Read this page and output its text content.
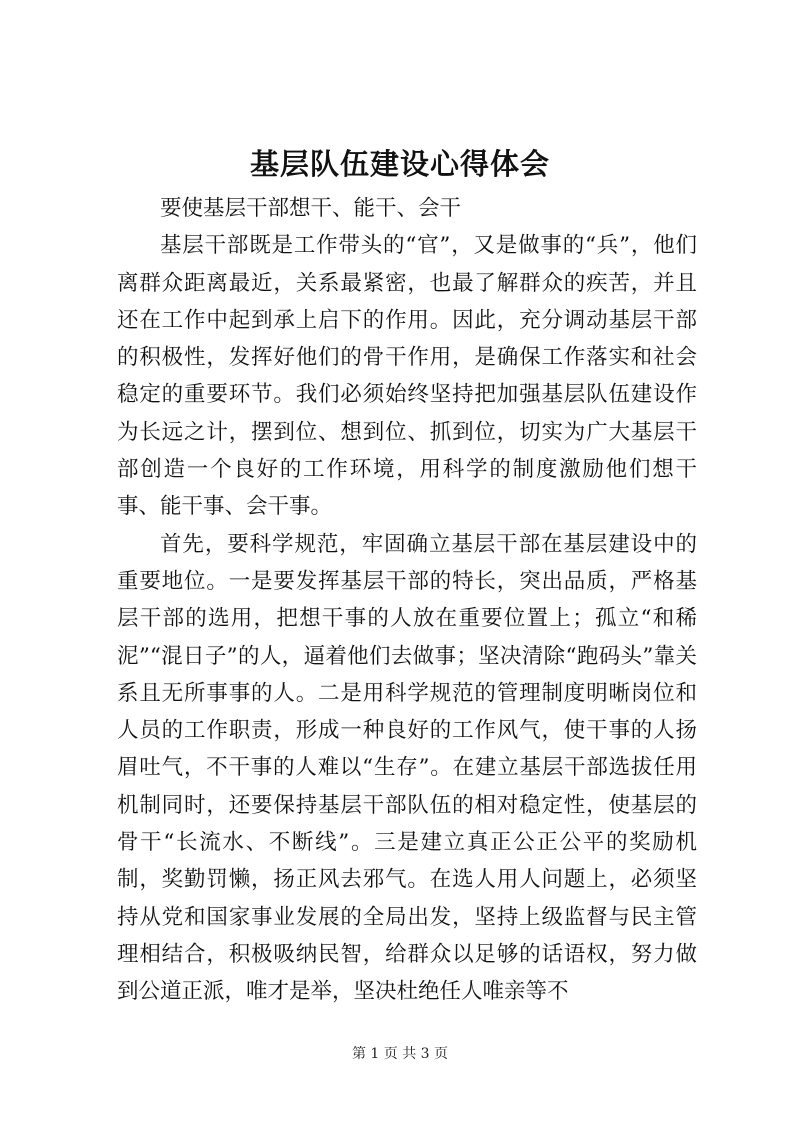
基层队伍建设心得体会

要使基层干部想干、能干、会干

基层干部既是工作带头的“官”，又是做事的“兵”，他们离群众距离最近，关系最紧密，也最了解群众的疾苦，并且还在工作中起到承上启下的作用。因此，充分调动基层干部的积极性，发挥好他们的骨干作用，是确保工作落实和社会稳定的重要环节。我们必须始终坚持把加强基层队伍建设作为长远之计，摆到位、想到位、抓到位，切实为广大基层干部创造一个良好的工作环境，用科学的制度激励他们想干事、能干事、会干事。

首先，要科学规范，牢固确立基层干部在基层建设中的重要地位。一是要发挥基层干部的特长，突出品质，严格基层干部的选用，把想干事的人放在重要位置上；孤立“和稀泥”“混日子”的人，逼着他们去做事；坚决清除“跑码头”靠关系且无所事事的人。二是用科学规范的管理制度明晰岗位和人员的工作职责，形成一种良好的工作风气，使干事的人扬眉吐气，不干事的人难以“生存”。在建立基层干部选拔任用机制同时，还要保持基层干部队伍的相对稳定性，使基层的骨干“长流水、不断线”。三是建立真正公正公平的奖励机制，奖勤罚懒，扬正风去邪气。在选人用人问题上，必须坚持从党和国家事业发展的全局出发，坚持上级监督与民主管理相结合，积极吸纳民智，给群众以足够的话语权，努力做到公道正派，唯才是举，坚决杜绝任人唯亲等不

第 1 页 共 3 页
